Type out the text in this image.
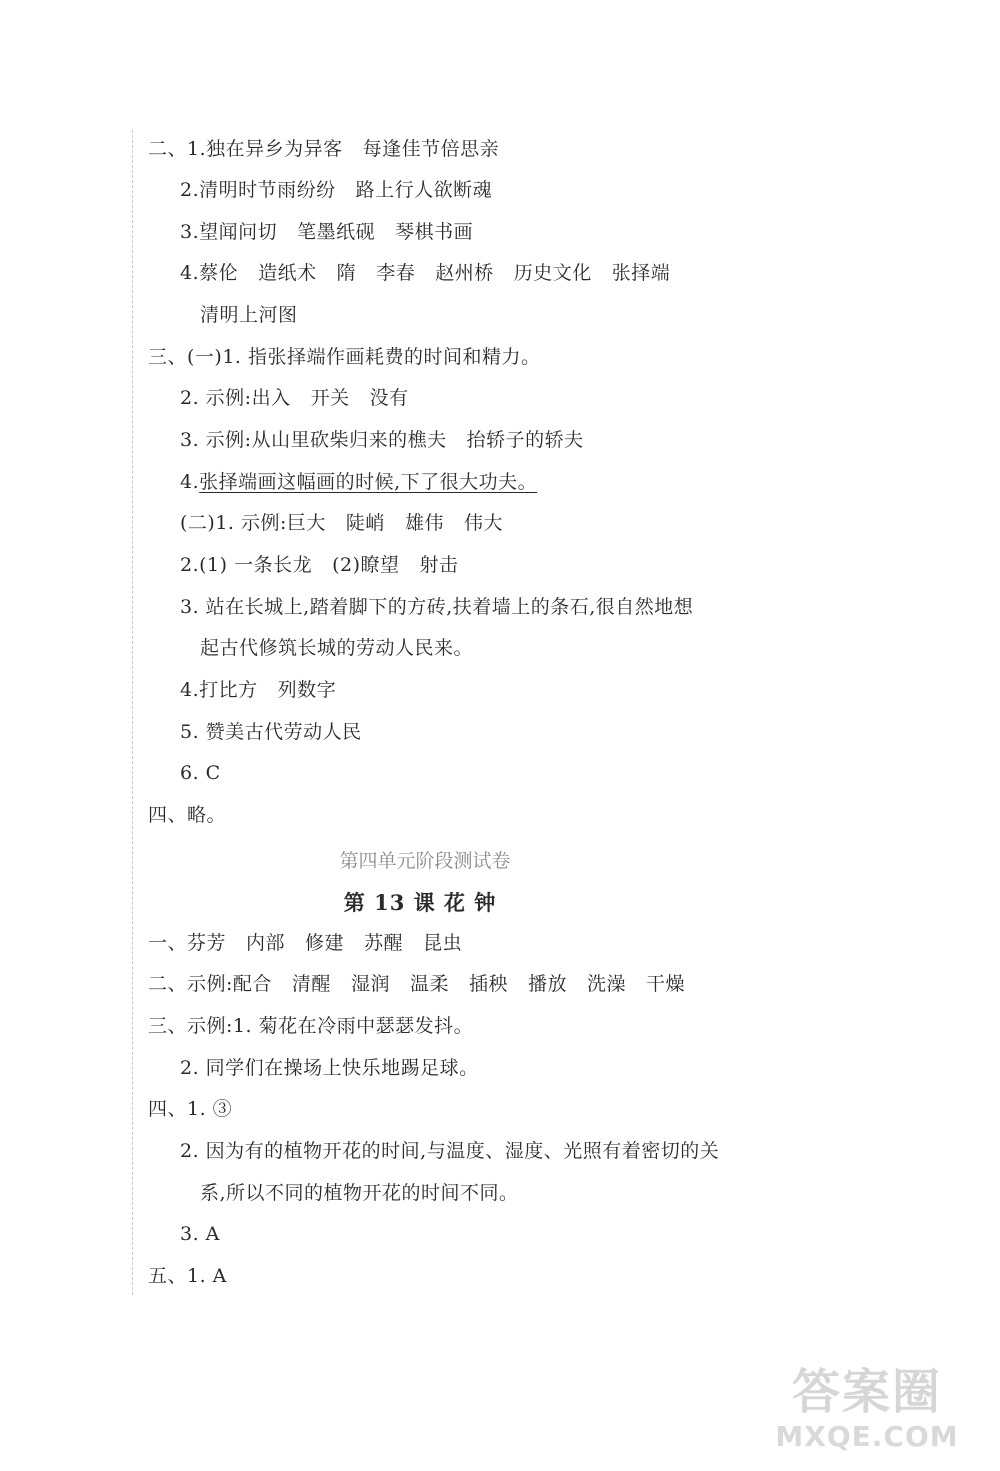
二、1.独在异乡为异客 每逢佳节倍思亲
2.清明时节雨纷纷 路上行人欲断魂
3.望闻问切 笔墨纸砚 琴棋书画
4.蔡伦 造纸术 隋 李春 赵州桥 历史文化 张择端
清明上河图
三、(一)1. 指张择端作画耗费的时间和精力。
2. 示例:出入 开关 没有
3. 示例:从山里砍柴归来的樵夫 抬轿子的轿夫
4.张择端画这幅画的时候,下了很大功夫。
(二)1. 示例:巨大 陡峭 雄伟 伟大
2.(1) 一条长龙 (2)瞭望 射击
3. 站在长城上,踏着脚下的方砖,扶着墙上的条石,很自然地想
起古代修筑长城的劳动人民来。
4.打比方 列数字
5. 赞美古代劳动人民
6. C
四、略。
第四单元阶段测试卷
第 13 课 花 钟
一、芬芳 内部 修建 苏醒 昆虫
二、示例:配合 清醒 湿润 温柔 插秧 播放 洗澡 干燥
三、示例:1. 菊花在冷雨中瑟瑟发抖。
2. 同学们在操场上快乐地踢足球。
四、1. ③
2. 因为有的植物开花的时间,与温度、湿度、光照有着密切的关
系,所以不同的植物开花的时间不同。
3. A
五、1. A
答案圈
MXQE.COM
